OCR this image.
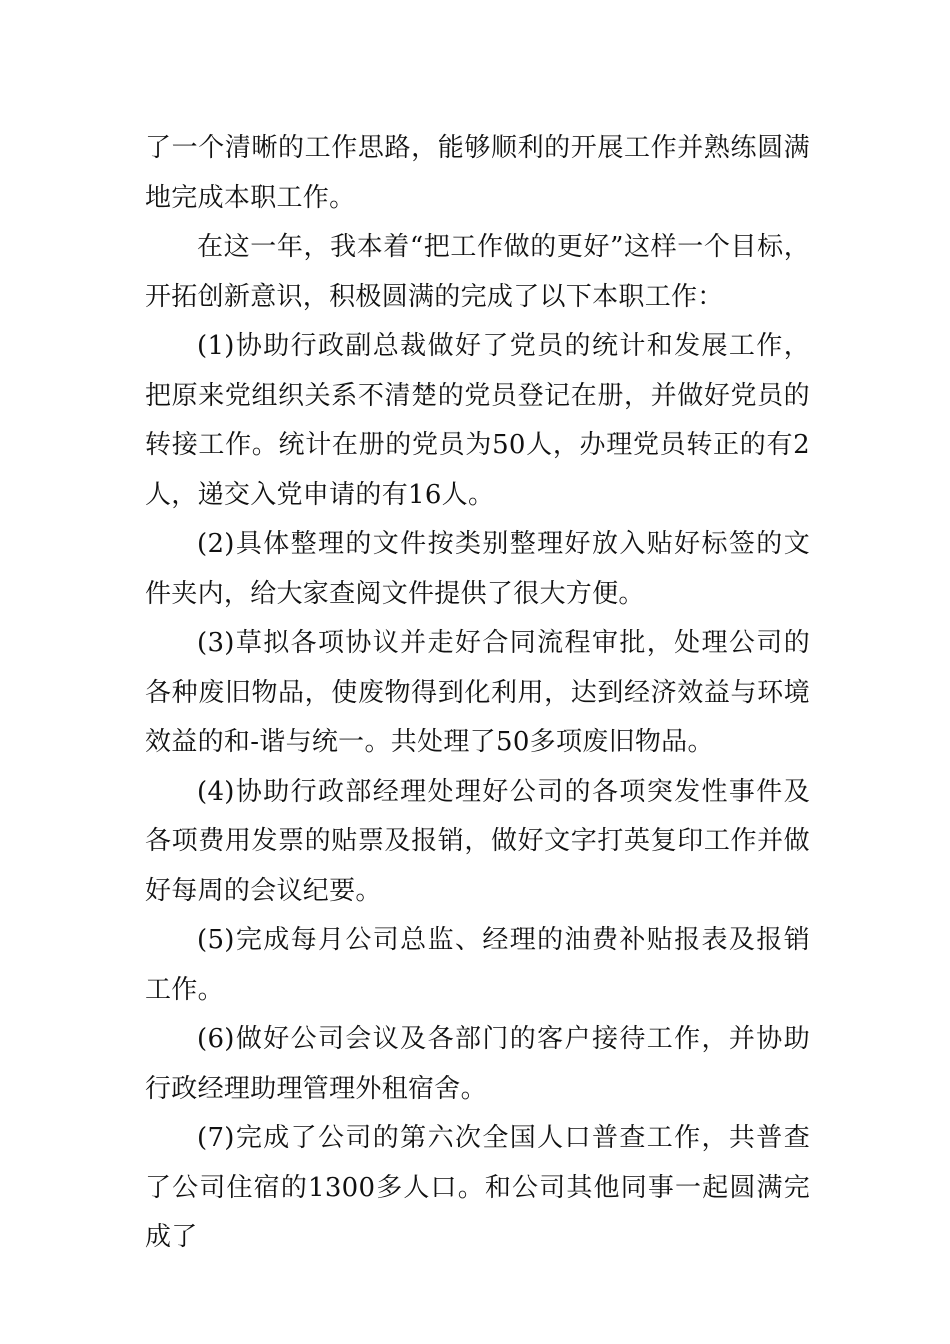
了一个清晰的工作思路，能够顺利的开展工作并熟练圆满地完成本职工作。

在这一年，我本着“把工作做的更好”这样一个目标，开拓创新意识，积极圆满的完成了以下本职工作：

(1)协助行政副总裁做好了党员的统计和发展工作，把原来党组织关系不清楚的党员登记在册，并做好党员的转接工作。统计在册的党员为50人，办理党员转正的有2人，递交入党申请的有16人。

(2)具体整理的文件按类别整理好放入贴好标签的文件夹内，给大家查阅文件提供了很大方便。

(3)草拟各项协议并走好合同流程审批，处理公司的各种废旧物品，使废物得到化利用，达到经济效益与环境效益的和-谐与统一。共处理了50多项废旧物品。

(4)协助行政部经理处理好公司的各项突发性事件及各项费用发票的贴票及报销，做好文字打英复印工作并做好每周的会议纪要。

(5)完成每月公司总监、经理的油费补贴报表及报销工作。

(6)做好公司会议及各部门的客户接待工作，并协助行政经理助理管理外租宿舍。

(7)完成了公司的第六次全国人口普查工作，共普查了公司住宿的1300多人口。和公司其他同事一起圆满完成了
